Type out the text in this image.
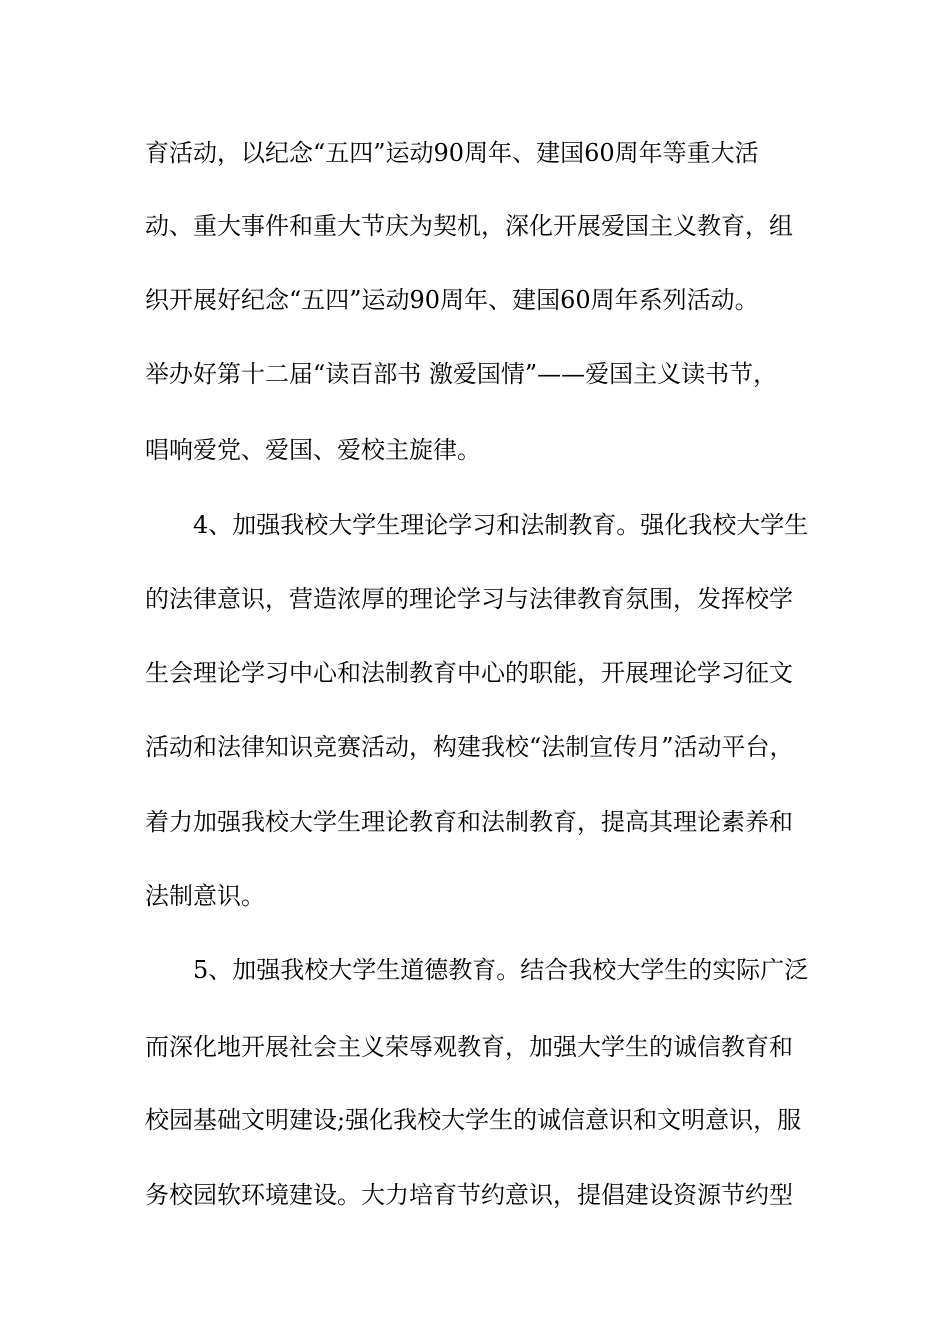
育活动，以纪念“五四”运动90周年、建国60周年等重大活
动、重大事件和重大节庆为契机，深化开展爱国主义教育，组
织开展好纪念“五四”运动90周年、建国60周年系列活动。
举办好第十二届“读百部书 激爱国情”——爱国主义读书节，
唱响爱党、爱国、爱校主旋律。
4、加强我校大学生理论学习和法制教育。强化我校大学生
的法律意识，营造浓厚的理论学习与法律教育氛围，发挥校学
生会理论学习中心和法制教育中心的职能，开展理论学习征文
活动和法律知识竞赛活动，构建我校“法制宣传月”活动平台，
着力加强我校大学生理论教育和法制教育，提高其理论素养和
法制意识。
5、加强我校大学生道德教育。结合我校大学生的实际广泛
而深化地开展社会主义荣辱观教育，加强大学生的诚信教育和
校园基础文明建设;强化我校大学生的诚信意识和文明意识，服
务校园软环境建设。大力培育节约意识，提倡建设资源节约型
